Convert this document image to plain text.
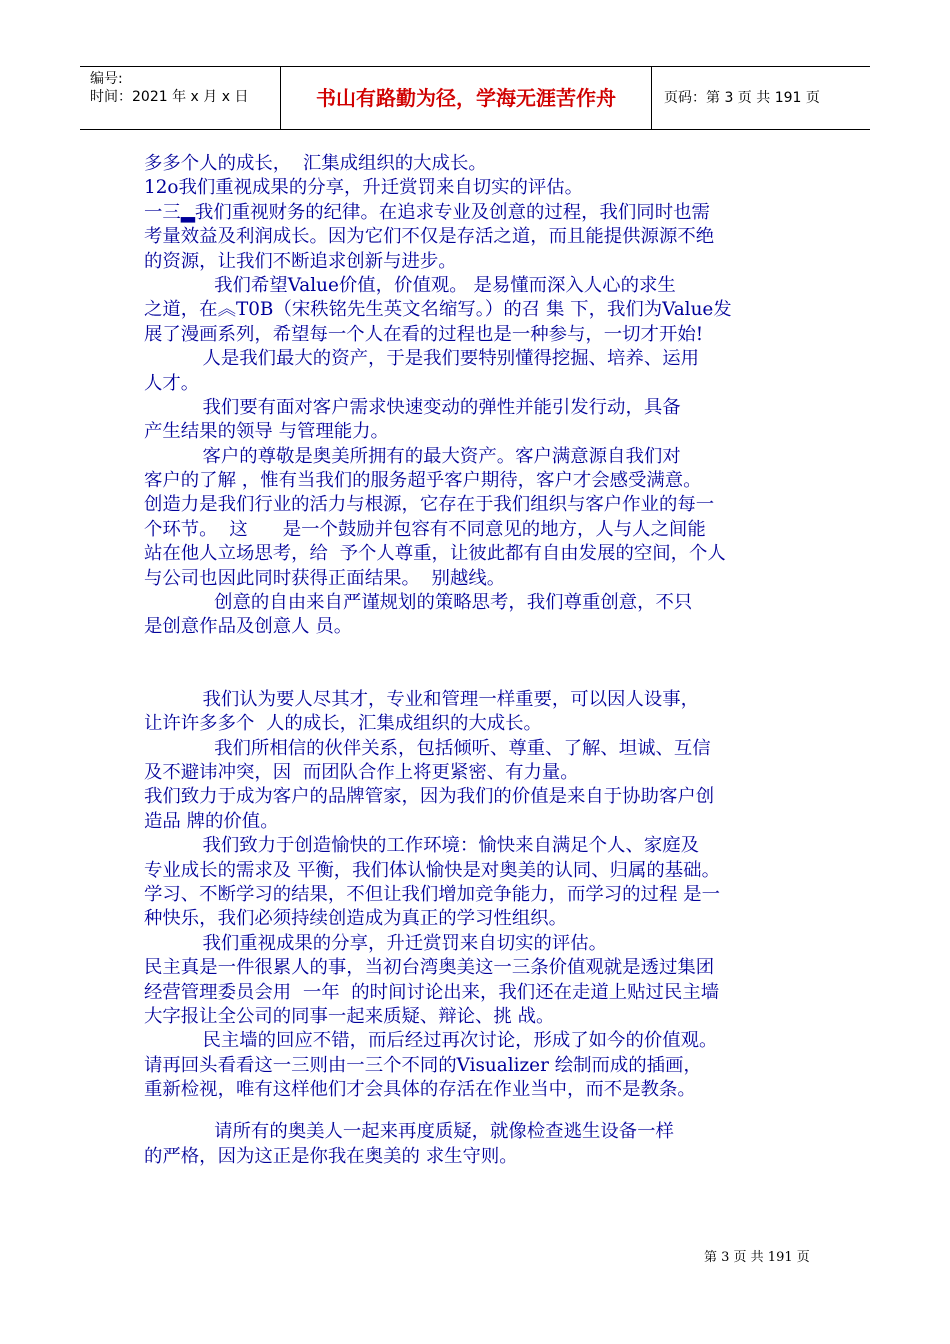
编号:
时间：2021 年 x 月 x 日	书山有路勤为径，学海无涯苦作舟	页码：第 3 页 共 191 页
多多个人的成长，  汇集成组织的大成长。
12o我们重视成果的分享，升迁赏罚来自切实的评估。
一三▂我们重视财务的纪律。在追求专业及创意的过程，我们同时也需
考量效益及利润成长。因为它们不仅是存活之道，而且能提供源源不绝
的资源，让我们不断追求创新与进步。
我们希望Value价值，价值观。 是易懂而深入人心的求生
之道，在︽T0B（宋秩铭先生英文名缩写。）的召 集 下，我们为Value发
展了漫画系列，希望每一个人在看的过程也是一种参与，一切才开始!
人是我们最大的资产，于是我们要特别懂得挖掘、培养、运用
人才。
我们要有面对客户需求快速变动的弹性并能引发行动，具备
产生结果的领导 与管理能力。
客户的尊敬是奥美所拥有的最大资产。客户满意源自我们对
客户的了解 ，惟有当我们的服务超乎客户期待，客户才会感受满意。
创造力是我们行业的活力与根源，它存在于我们组织与客户作业的每一
个环节。  这      是一个鼓励并包容有不同意见的地方，人与人之间能
站在他人立场思考，给  予个人尊重，让彼此都有自由发展的空间，个人
与公司也因此同时获得正面结果。  别越线。
创意的自由来自严谨规划的策略思考，我们尊重创意，不只
是创意作品及创意人 员。
我们认为要人尽其才，专业和管理一样重要，可以因人设事，
让许许多多个  人的成长，汇集成组织的大成长。
我们所相信的伙伴关系，包括倾听、尊重、了解、坦诚、互信
及不避讳冲突，因  而团队合作上将更紧密、有力量。
我们致力于成为客户的品牌管家，因为我们的价值是来自于协助客户创
造品 牌的价值。
我们致力于创造愉快的工作环境：愉快来自满足个人、家庭及
专业成长的需求及 平衡，我们体认愉快是对奥美的认同、归属的基础。
学习、不断学习的结果，不但让我们增加竞争能力，而学习的过程 是一
种快乐，我们必须持续创造成为真正的学习性组织。
我们重视成果的分享，升迁赏罚来自切实的评估。
民主真是一件很累人的事，当初台湾奥美这一三条价值观就是透过集团
经营管理委员会用  一年  的时间讨论出来，我们还在走道上贴过民主墙
大字报让全公司的同事一起来质疑、辩论、挑 战。
民主墙的回应不错，而后经过再次讨论，形成了如今的价值观。
请再回头看看这一三则由一三个不同的Visualizer 绘制而成的插画，
重新检视，唯有这样他们才会具体的存活在作业当中，而不是教条。
请所有的奥美人一起来再度质疑，就像检查逃生设备一样
的严格，因为这正是你我在奥美的 求生守则。
第 3 页 共 191 页
